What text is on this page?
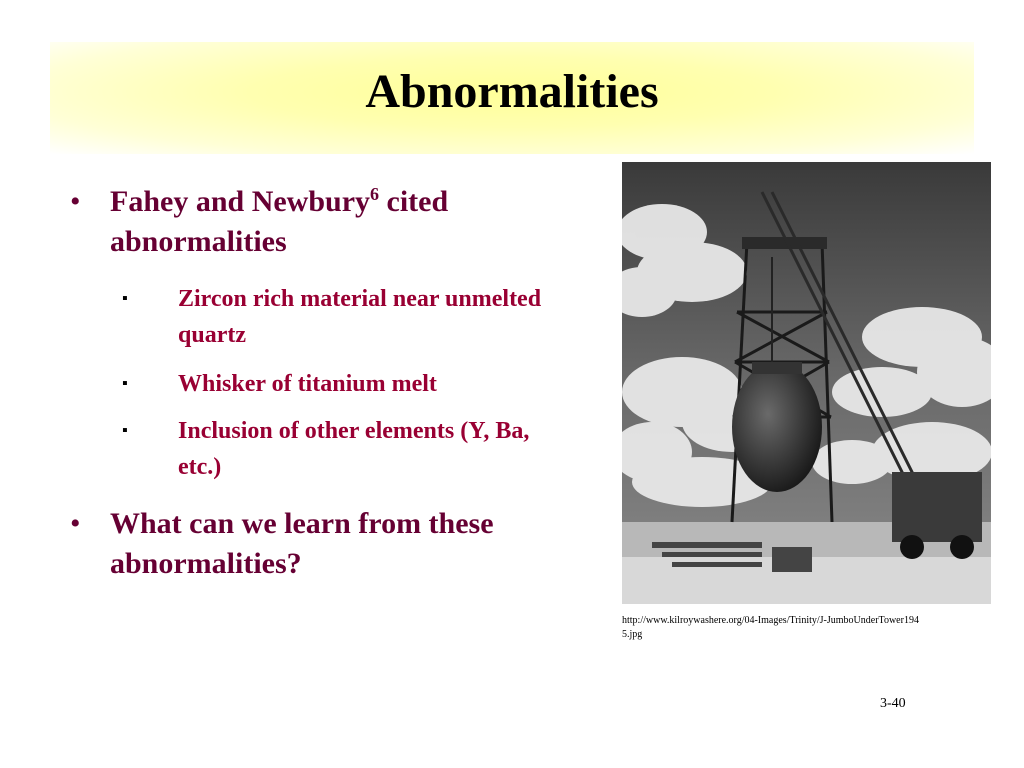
Abnormalities
• Fahey and Newbury$^6$ cited abnormalities
▪ Zircon rich material near unmelted quartz
▪ Whisker of titanium melt
▪ Inclusion of other elements (Y, Ba, etc.)
• What can we learn from these abnormalities?
http://www.kilroywashere.org/04-Images/Trinity/J-JumboUnderTower1945.jpg
3-40
